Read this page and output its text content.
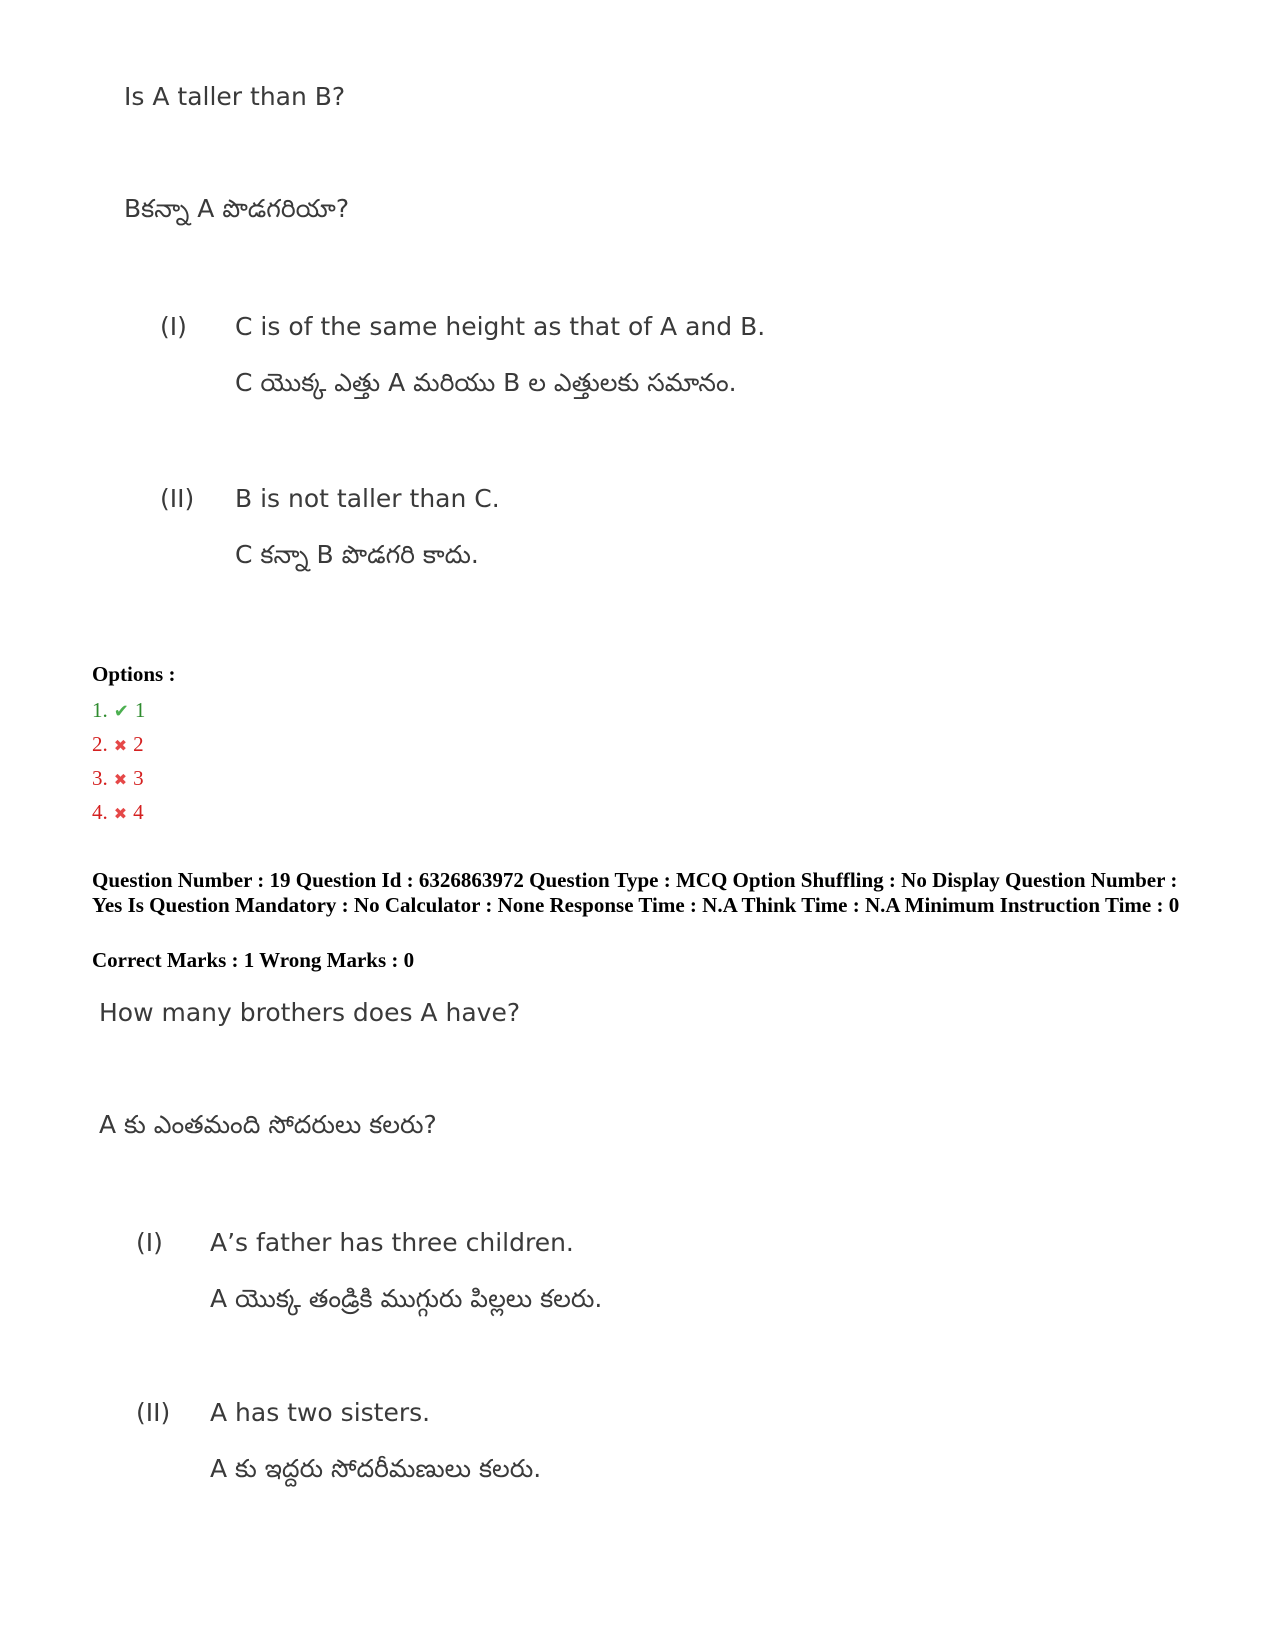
Is A taller than B?
Bకన్నా A పొడగరియా?
(I) C is of the same height as that of A and B.
C యొక్క ఎత్తు A మరియు B ల ఎత్తులకు సమానం.
(II) B is not taller than C.
C కన్నా B పొడగరి కాదు.
Options :
1. ✔ 1
2. ✖ 2
3. ✖ 3
4. ✖ 4
Question Number : 19 Question Id : 6326863972 Question Type : MCQ Option Shuffling : No Display Question Number : Yes Is Question Mandatory : No Calculator : None Response Time : N.A Think Time : N.A Minimum Instruction Time : 0
Correct Marks : 1 Wrong Marks : 0
How many brothers does A have?
A కు ఎంతమంది సోదరులు కలరు?
(I) A’s father has three children.
A యొక్క తండ్రికి ముగ్గురు పిల్లలు కలరు.
(II) A has two sisters.
A కు ఇద్దరు సోదరీమణులు కలరు.
